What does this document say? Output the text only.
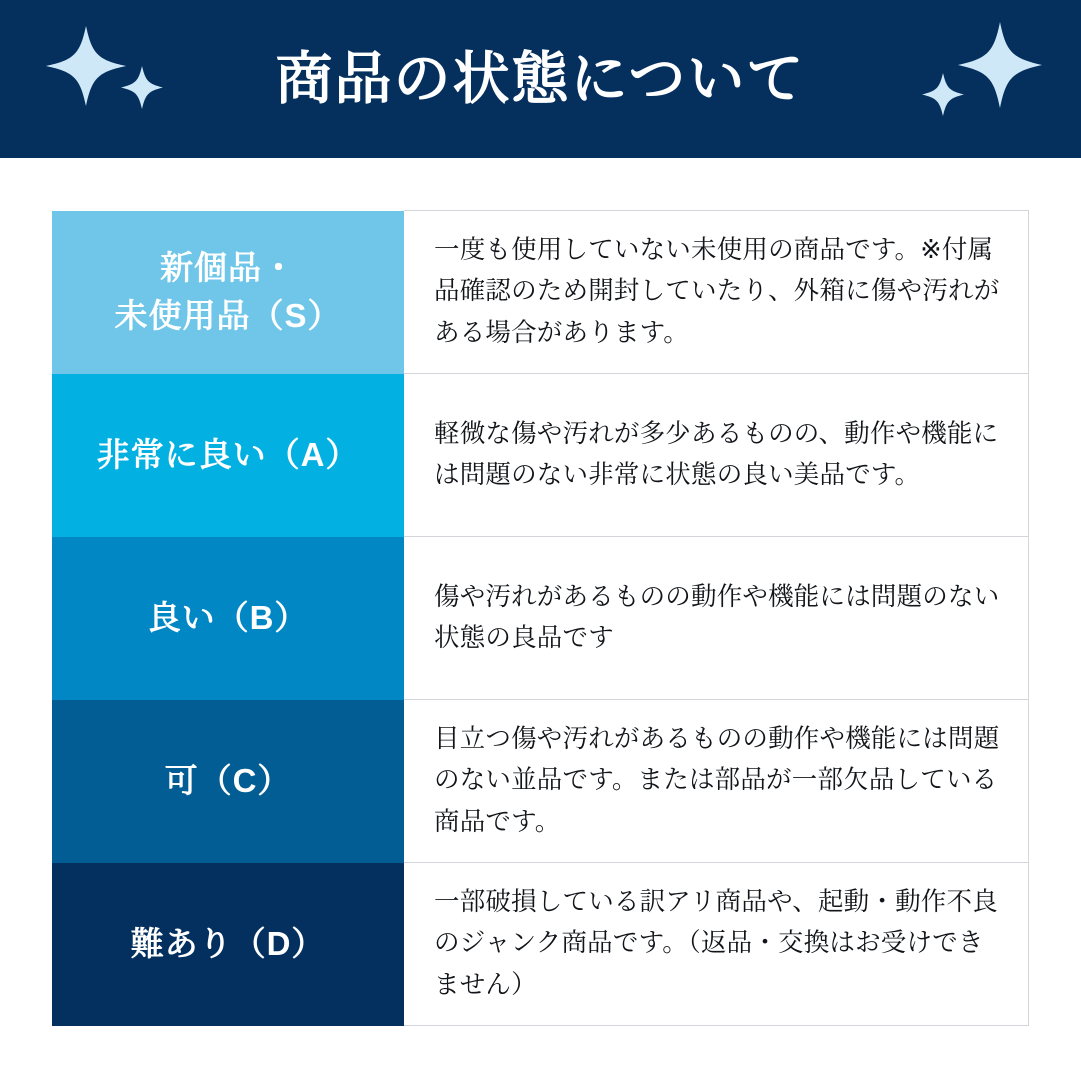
商品の状態について
新個品・
未使用品（S）	一度も使用していない未使用の商品です。※付属品確認のため開封していたり、外箱に傷や汚れがある場合があります。

非常に良い（A）	軽微な傷や汚れが多少あるものの、動作や機能には問題のない非常に状態の良い美品です。

良い（B）	傷や汚れがあるものの動作や機能には問題のない状態の良品です

可（C）	目立つ傷や汚れがあるものの動作や機能には問題のない並品です。または部品が一部欠品している商品です。

難あり（D）	一部破損している訳アリ商品や、起動・動作不良のジャンク商品です。（返品・交換はお受けできません）
